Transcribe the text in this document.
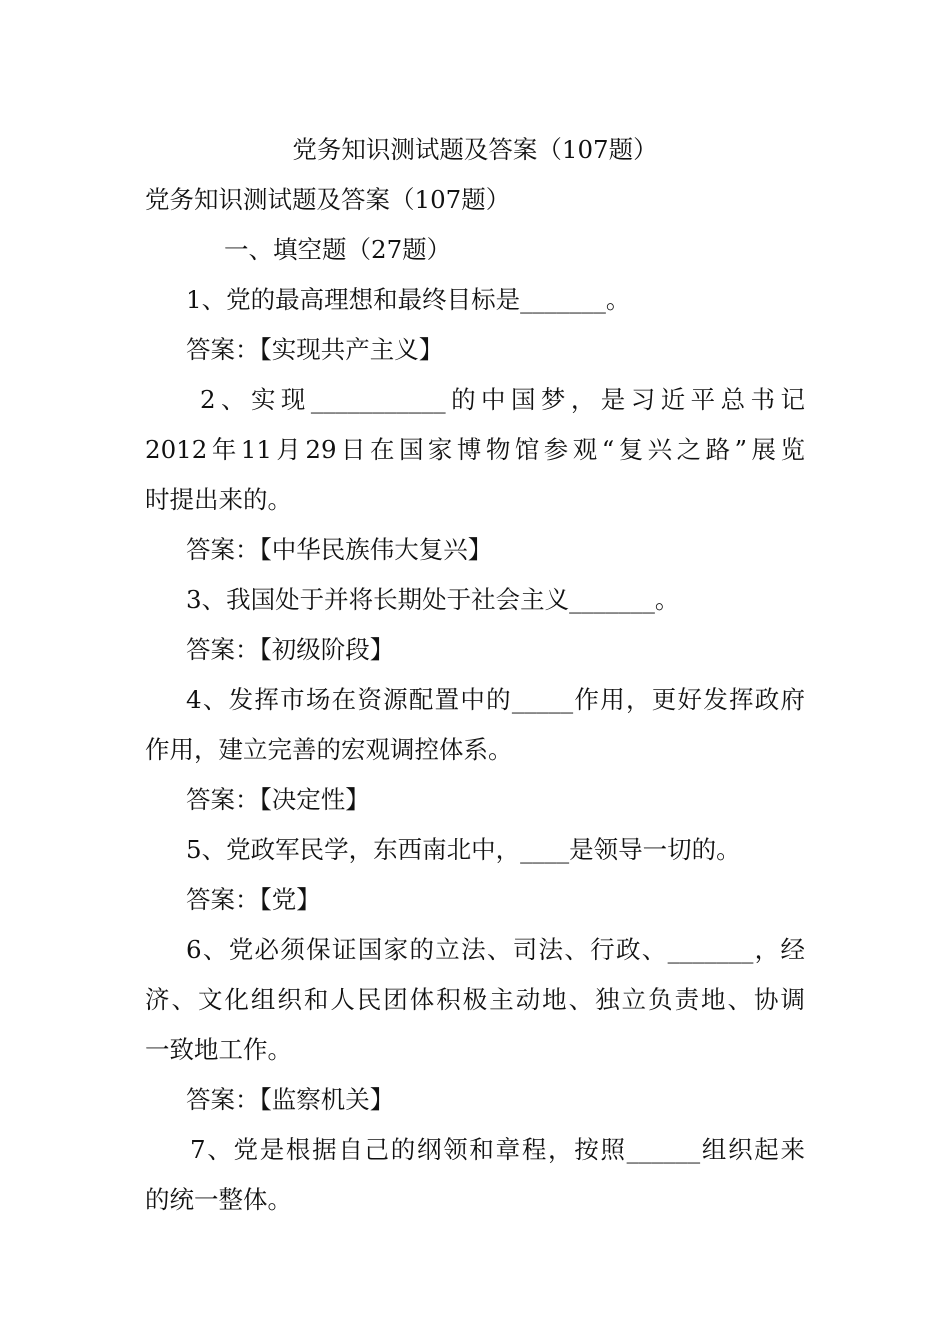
党务知识测试题及答案（107题）
党务知识测试题及答案（107题）
一、填空题（27题）
1、党的最高理想和最终目标是_______。
答案：【实现共产主义】
2、实现___________的中国梦，是习近平总书记
2012年11月29日在国家博物馆参观“复兴之路”展览
时提出来的。
答案：【中华民族伟大复兴】
3、我国处于并将长期处于社会主义_______。
答案：【初级阶段】
4、发挥市场在资源配置中的_____作用，更好发挥政府
作用，建立完善的宏观调控体系。
答案：【决定性】
5、党政军民学，东西南北中，____是领导一切的。
答案：【党】
6、党必须保证国家的立法、司法、行政、_______，经
济、文化组织和人民团体积极主动地、独立负责地、协调
一致地工作。
答案：【监察机关】
7、党是根据自己的纲领和章程，按照______组织起来
的统一整体。
